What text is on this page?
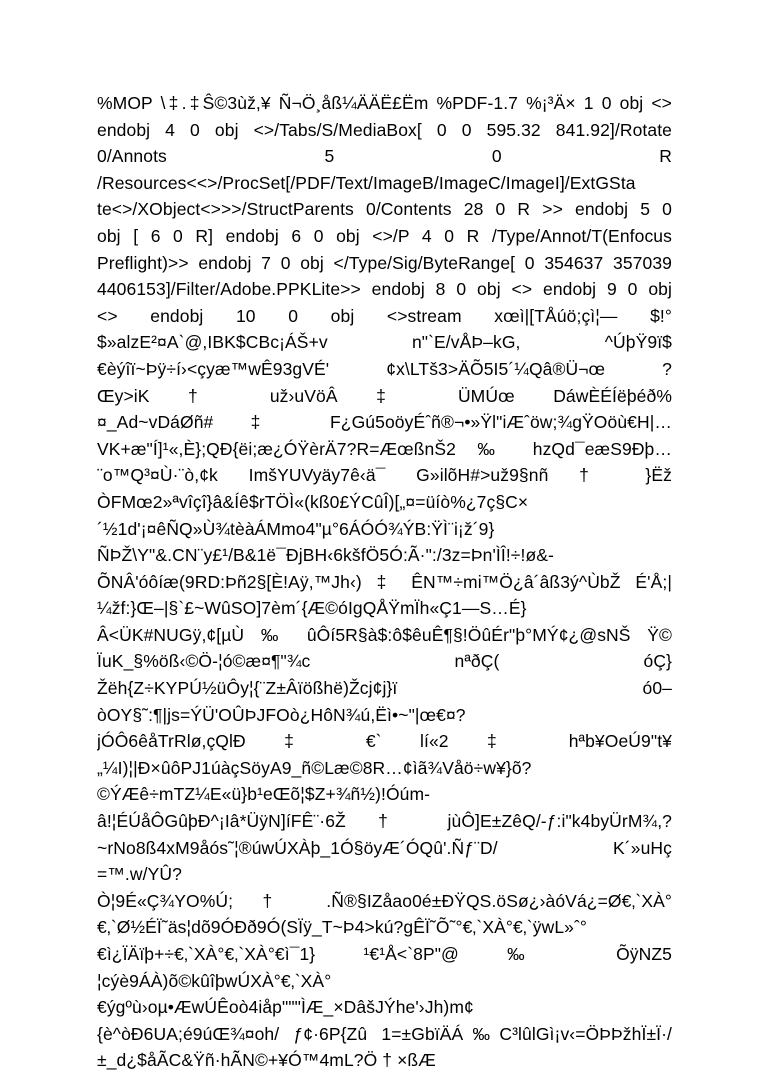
%MOP \‡.‡Ŝ©3ùž,¥ Ñ¬Ö¸åß¼ÄÄË£Ëm %PDF-1.7 %¡³Ä× 1 0 obj <>
endobj 4 0 obj <>/Tabs/S/MediaBox[ 0 0 595.32 841.92]/Rotate
0/Annots 5 0 R
/Resources<<>/ProcSet[/PDF/Text/ImageB/ImageC/ImageI]/ExtGSta
te<>/XObject<>>>/StructParents 0/Contents 28 0 R >> endobj 5 0
obj [ 6 0 R] endobj 6 0 obj <>/P 4 0 R /Type/Annot/T(Enfocus
Preflight)>> endobj 7 0 obj </Type/Sig/ByteRange[ 0 354637 357039
4406153]/Filter/Adobe.PPKLite>> endobj 8 0 obj <> endobj 9 0 obj
<> endobj 10 0 obj <>stream xœì|[TÅúö;çì¦— $!°
$»alzE²¤A`@,IBK$CBc¡ÁŠ+v n"`E/vÅÞ–kG, ^ÚþŸ9ï$
€èýîï~Þÿ÷í›<çyæ™wÊ93gVÉ' ¢x\LTš3>ÄÕ5I5´¼Qâ®Ü¬œ ?
Œy>iK † už›uVöÂ ‡ ÜMÚœ DáwÈÉÍëþéð%
¤_Ad~vDáØñ# ‡ F¿Gú5oöyÉˆñ®¬•»Ÿl"iÆˆöw;¾gŸOöù€H|…
VK+æ"Í]¹«,È};QÐ{ëi;æ¿ÓŸèrÄ7?R=ÆœßnŠ2 ‰ hzQd¯eæS9Ðþ…
¨o™Q³¤Ù·¨ò,¢k ImšYUVyäy7ê‹ä¯ G»ilõH#>už9§nñ † }Ëž
ÒFMœ2»ªvîçî}â&Íê$rTÖÌ«(kß0£ÝCûÎ)[„¤=üíò%¿7ç§C×
´½1d'¡¤êÑQ»Ù¾tèàÁMmo4"µ°6ÁÓÓ¾ÝB:ŸÌ¨i¡ž´9}
ÑÞŽ\Y"&.CN¨y£¹/B&1ë¯ÐjBH‹6kšfÖ5Ó:Ã·":/3z=Þn'ÌÎ!÷!ø&-
ÕNÂ'óôíæ(9RD:Þñ2§[È!Aÿ,™Jh‹) ‡ ÊN™÷mi™Ö¿â´âß3ý^ÙbŽ É'Å;|
¼žf:}Œ–|§`£~WûSO]7èm´{Æ©óIgQÅŸmÏh«Ç1—S…É}
Â<ÜK#NUGÿ,¢[µÙ ‰ ûÔí5R§à$:ô$êuÊ¶§!ÖûÉr"þ°MÝ¢¿@sNŠ Ÿ©
ÏuK_§%öß‹©Ö-¦ó©æ¤¶"¾c nªðÇ( óÇ}
Žëh{Z÷KYPÚ½üÔy¦{¨Z±Âïößhë)Žcj¢j}ï ó0–
òOY§˜:¶|js=ÝÜ'OÛÞJFOò¿HôN¾ú,Ëì•~"|œ€¤?
jÓÔ6êåTrRlø,çQlÐ ‡ €` lí«2 ‡ hªb¥OeÚ9"t¥
„¼I)¦|Ð×ûôPJ1úàçSöyA9_ñ©Læ©8R…¢ìã¾Våö÷w¥}õ?
©ÝÆê÷mTZ¼E«ü}b¹eŒõ¦$Z+¾ñ½)!Óúm-
â!¦ÉÚåÔGûþÐ^¡Iâ*ÜÿN]íFÊ¨·6Ž † jùÔ]E±ZêQ/-ƒ:i"k4byÜrM¾,?
~rNo8ß4xM9åós˜¦®úwÚXÀþ_1Ó§öyÆ´ÓQû'.Ñƒ¨D/ K´»uHç
=™.w/YÛ?
Ò¦9É«Ç¾YO%Ú; † .Ñ®§IZåao0é±ÐŸQS.öSø¿›àóVá¿=Ø€‚`XÀ°
€‚`Ø½ÉÏ˜äs¦dõ9ÓÐð9Ó(SÏÿ_T~Þ4>kú?gÊÏ˜Õ˜°€‚`XÀ°€‚`ÿwL»ˆ°
€ì¿ÏÄïþ+÷€‚`XÀ°€‚`XÀ°€ì¯1} ¹€¹Å<`8P"@ ‰ ÕÿNZ5
¦cýè9ÁÀ)õ©kûîþwÚXÀ°€‚`XÀ°
€ýgºù›oµ•ÆwÚÊoò4iåp"""ÌÆ_×DâšJÝhe'›Jh)m¢
{è^òÐ6UA;é9úŒ¾¤oh/ ƒ¢·6P{Zû 1=±GbïÄÁ‰C³lûlGì¡v‹=ÖÞÞžhÏ±Ï·/
±_d¿$åÃC&Ÿñ·hÃN©+¥Ó™4mL?Ö † ×ßÆ
